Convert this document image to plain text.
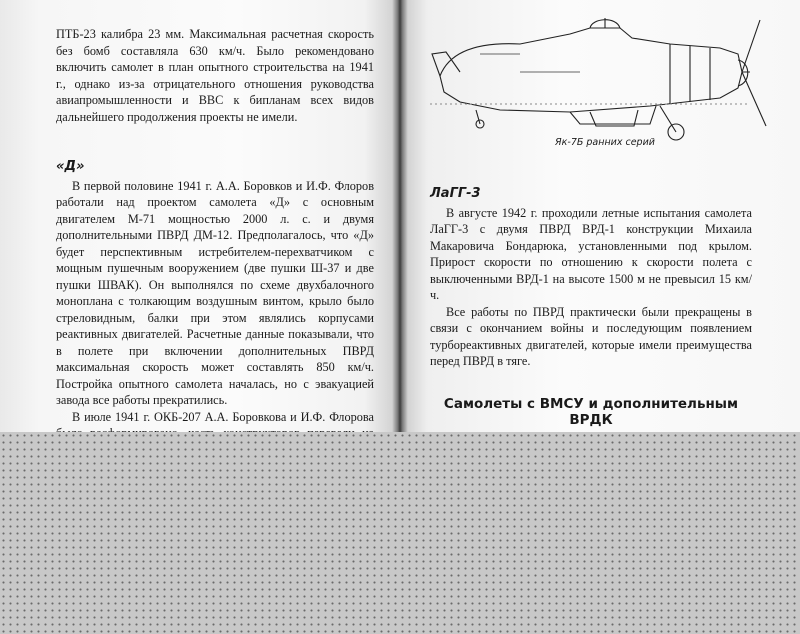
ПТБ-23 калибра 23 мм. Максимальная расчетная скорость без бомб составляла 630 км/ч. Было рекомендовано включить самолет в план опытного строительства на 1941 г., однако из-за отрицательного отношения руководства авиапромышленности и ВВС к бипланам всех видов дальнейшего продолжения проекты не имели.

«Д»

В первой половине 1941 г. А.А. Боровков и И.Ф. Флоров работали над проектом самолета «Д» с основным двигателем М-71 мощностью 2000 л. с. и двумя дополнительными ПВРД ДМ-12. Предполагалось, что «Д» будет перспективным истребителем-перехватчиком с мощным пушечным вооружением (две пушки Ш-37 и две пушки ШВАК). Он выполнялся по схеме двухбалочного моноплана с толкающим воздушным винтом, крыло было стреловидным, балки при этом являлись корпусами реактивных двигателей. Расчетные данные показывали, что в полете при включении дополнительных ПВРД максимальная скорость может составлять 850 км/ч. Постройка опытного самолета началась, но с эвакуацией завода все работы прекратились.

В июле 1941 г. ОКБ-207 А.А. Боровкова и И.Ф. Флорова

Як-7Б ранних серий
ЛаГГ-3

В августе 1942 г. проходили летные испытания самолета ЛаГГ-3 с двумя ПВРД ВРД-1 конструкции Михаила Макаровича Бондарюка, установленными под крылом. Прирост скорости по отношению к скорости полета с выключенными ВРД-1 на высоте 1500 м не превысил 15 км/ч.

Все работы по ПВРД практически были прекращены в связи с окончанием войны и последующим появлением турбореактивных двигателей, которые имели преимущества перед ПВРД в тяге.

Самолеты с ВМСУ и дополнительным ВРДК
